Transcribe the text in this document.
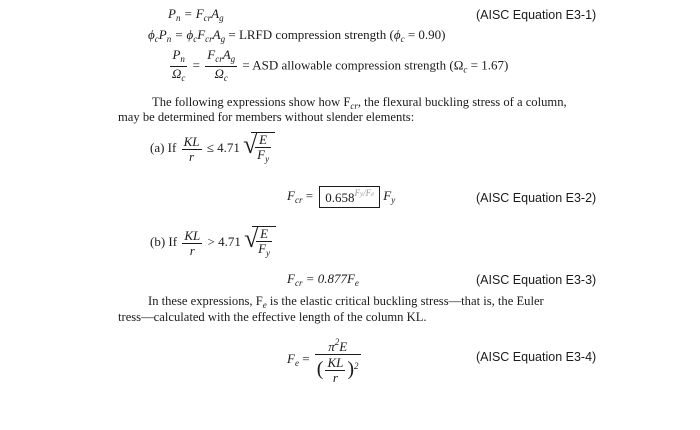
$P_n = F_{cr}A_g$	(AISC Equation E3-1)
$\phi_cP_n = \phi_cF_{cr}A_g$ = LRFD compression strength $(\phi_c = 0.90)$
$\frac{P_n}{\Omega_c} = \frac{F_{cr}A_g}{\Omega_c}$ = ASD allowable compression strength $(\Omega_c = 1.67)$
The following expressions show how $F_{cr}$, the flexural buckling stress of a column,
may be determined for members without slender elements:
(a) If $\frac{KL}{r} \le 4.71$ √
$\frac{E}{F_y}$
$F_{cr} = 0.658^{Fy/Fe}$ $F_y$	(AISC Equation E3-2)
(b) If $\frac{KL}{r} > 4.71$ √
$\frac{E}{F_y}$
$F_{cr} = 0.877F_e$	(AISC Equation E3-3)
In these expressions, $F_e$ is the elastic critical buckling stress—that is, the Euler
tress—calculated with the effective length of the column KL.
$F_e = \frac{\pi^2E}{( \frac{KL}{r} )^2}$	(AISC Equation E3-4)
